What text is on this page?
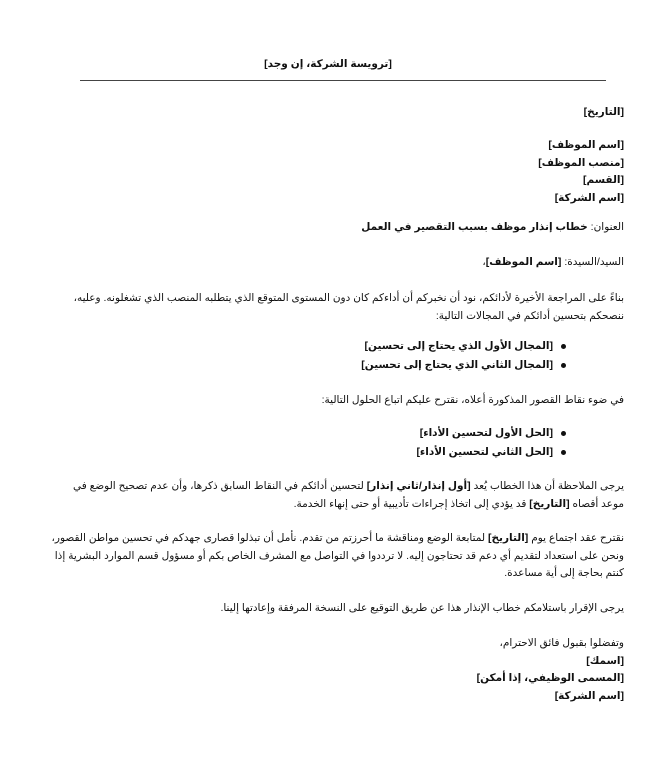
[ترويسة الشركة، إن وجد]
[التاريخ]
[اسم الموظف]
[منصب الموظف]
[القسم]
[اسم الشركة]
العنوان: خطاب إنذار موظف بسبب التقصير في العمل
السيد/السيدة: [اسم الموظف]،
بناءً على المراجعة الأخيرة لأدائكم، نود أن نخبركم أن أداءكم كان دون المستوى المتوقع الذي يتطلبه المنصب الذي تشغلونه. وعليه، ننصحكم بتحسين أدائكم في المجالات التالية:
[المجال الأول الذي يحتاج إلى تحسين]
[المجال الثاني الذي يحتاج إلى تحسين]
في ضوء نقاط القصور المذكورة أعلاه، نقترح عليكم اتباع الحلول التالية:
[الحل الأول لتحسين الأداء]
[الحل الثاني لتحسين الأداء]
يرجى الملاحظة أن هذا الخطاب يُعد [أول إنذار/ثاني إنذار] لتحسين أدائكم في النقاط السابق ذكرها، وأن عدم تصحيح الوضع في موعد أقصاه [التاريخ] قد يؤدي إلى اتخاذ إجراءات تأديبية أو حتى إنهاء الخدمة.
نقترح عقد اجتماع يوم [التاريخ] لمتابعة الوضع ومناقشة ما أحرزتم من تقدم. نأمل أن تبذلوا قصارى جهدكم في تحسين مواطن القصور، ونحن على استعداد لتقديم أي دعم قد تحتاجون إليه. لا ترددوا في التواصل مع المشرف الخاص بكم أو مسؤول قسم الموارد البشرية إذا كنتم بحاجة إلى أية مساعدة.
يرجى الإقرار باستلامكم خطاب الإنذار هذا عن طريق التوقيع على النسخة المرفقة وإعادتها إلينا.
وتفضلوا بقبول فائق الاحترام،
[اسمك]
[المسمى الوظيفي، إذا أمكن]
[اسم الشركة]
